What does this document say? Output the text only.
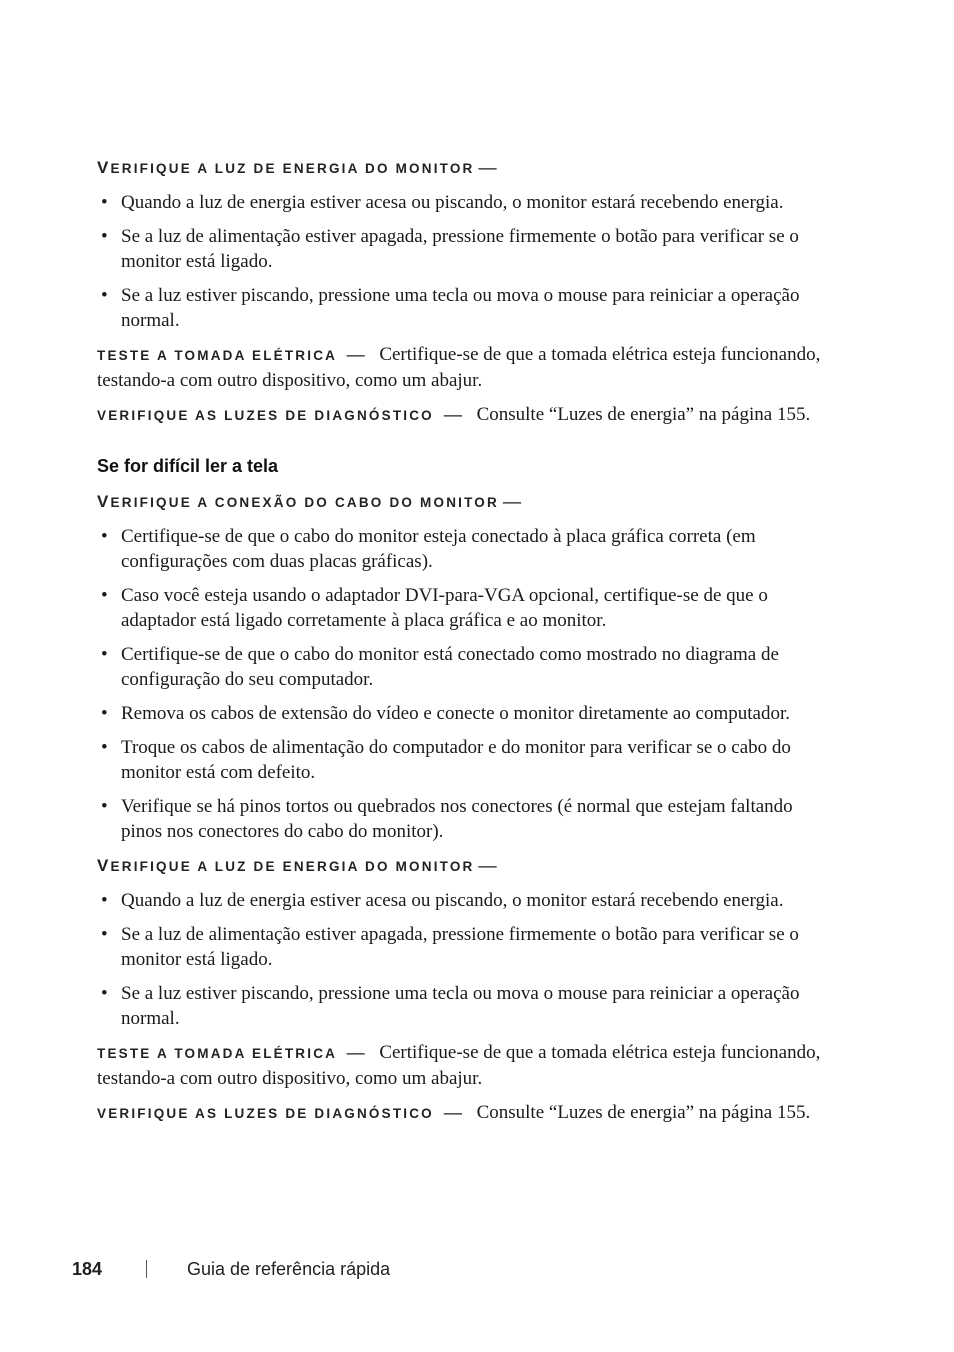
VERIFIQUE A LUZ DE ENERGIA DO MONITOR —
• Quando a luz de energia estiver acesa ou piscando, o monitor estará recebendo energia.
• Se a luz de alimentação estiver apagada, pressione firmemente o botão para verificar se o monitor está ligado.
• Se a luz estiver piscando, pressione uma tecla ou mova o mouse para reiniciar a operação normal.

TESTE A TOMADA ELÉTRICA — Certifique-se de que a tomada elétrica esteja funcionando, testando-a com outro dispositivo, como um abajur.

VERIFIQUE AS LUZES DE DIAGNÓSTICO — Consulte “Luzes de energia” na página 155.

Se for difícil ler a tela
VERIFIQUE A CONEXÃO DO CABO DO MONITOR —
• Certifique-se de que o cabo do monitor esteja conectado à placa gráfica correta (em configurações com duas placas gráficas).
• Caso você esteja usando o adaptador DVI-para-VGA opcional, certifique-se de que o adaptador está ligado corretamente à placa gráfica e ao monitor.
• Certifique-se de que o cabo do monitor está conectado como mostrado no diagrama de configuração do seu computador.
• Remova os cabos de extensão do vídeo e conecte o monitor diretamente ao computador.
• Troque os cabos de alimentação do computador e do monitor para verificar se o cabo do monitor está com defeito.
• Verifique se há pinos tortos ou quebrados nos conectores (é normal que estejam faltando pinos nos conectores do cabo do monitor).
VERIFIQUE A LUZ DE ENERGIA DO MONITOR —
• Quando a luz de energia estiver acesa ou piscando, o monitor estará recebendo energia.
• Se a luz de alimentação estiver apagada, pressione firmemente o botão para verificar se o monitor está ligado.
• Se a luz estiver piscando, pressione uma tecla ou mova o mouse para reiniciar a operação normal.

TESTE A TOMADA ELÉTRICA — Certifique-se de que a tomada elétrica esteja funcionando, testando-a com outro dispositivo, como um abajur.

VERIFIQUE AS LUZES DE DIAGNÓSTICO — Consulte “Luzes de energia” na página 155.

184	Guia de referência rápida
